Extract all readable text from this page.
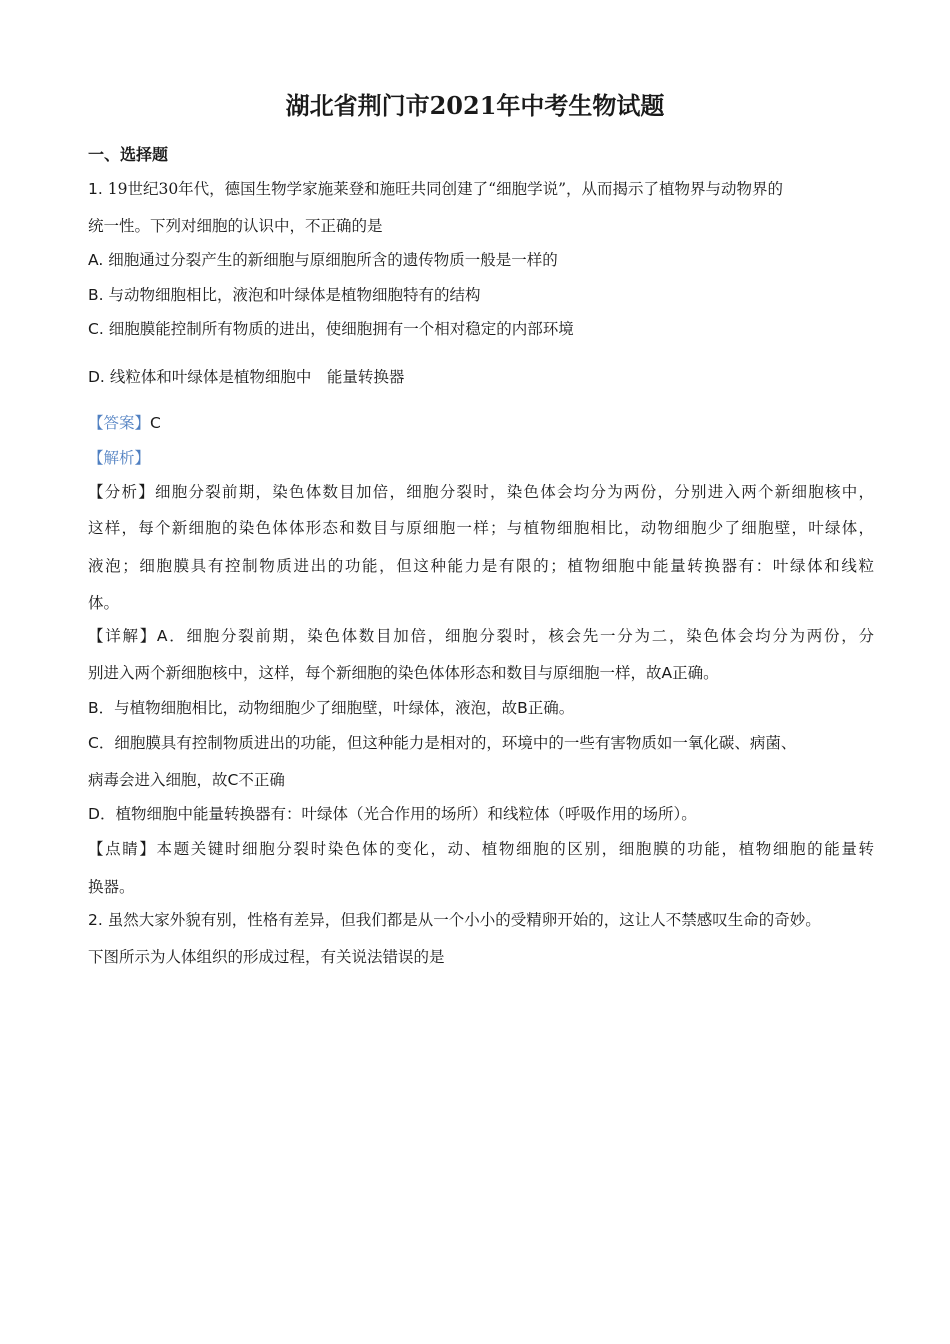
湖北省荆门市2021年中考生物试题
一、选择题
1. 19世纪30年代，德国生物学家施莱登和施旺共同创建了“细胞学说”，从而揭示了植物界与动物界的
统一性。下列对细胞的认识中，不正确的是
A. 细胞通过分裂产生的新细胞与原细胞所含的遗传物质一般是一样的
B. 与动物细胞相比，液泡和叶绿体是植物细胞特有的结构
C. 细胞膜能控制所有物质的进出，使细胞拥有一个相对稳定的内部环境
D. 线粒体和叶绿体是植物细胞中　能量转换器
【答案】C
【解析】
【分析】细胞分裂前期，染色体数目加倍，细胞分裂时，染色体会均分为两份，分别进入两个新细胞核中，
这样，每个新细胞的染色体体形态和数目与原细胞一样；与植物细胞相比，动物细胞少了细胞壁，叶绿体，
液泡；细胞膜具有控制物质进出的功能，但这种能力是有限的；植物细胞中能量转换器有：叶绿体和线粒
体。
【详解】A．细胞分裂前期，染色体数目加倍，细胞分裂时，核会先一分为二，染色体会均分为两份，分
别进入两个新细胞核中，这样，每个新细胞的染色体体形态和数目与原细胞一样，故A正确。
B．与植物细胞相比，动物细胞少了细胞壁，叶绿体，液泡，故B正确。
C．细胞膜具有控制物质进出的功能，但这种能力是相对的，环境中的一些有害物质如一氧化碳、病菌、
病毒会进入细胞，故C不正确
D．植物细胞中能量转换器有：叶绿体（光合作用的场所）和线粒体（呼吸作用的场所）。
【点睛】本题关键时细胞分裂时染色体的变化，动、植物细胞的区别，细胞膜的功能，植物细胞的能量转
换器。
2. 虽然大家外貌有别，性格有差异，但我们都是从一个小小的受精卵开始的，这让人不禁感叹生命的奇妙。
下图所示为人体组织的形成过程，有关说法错误的是
